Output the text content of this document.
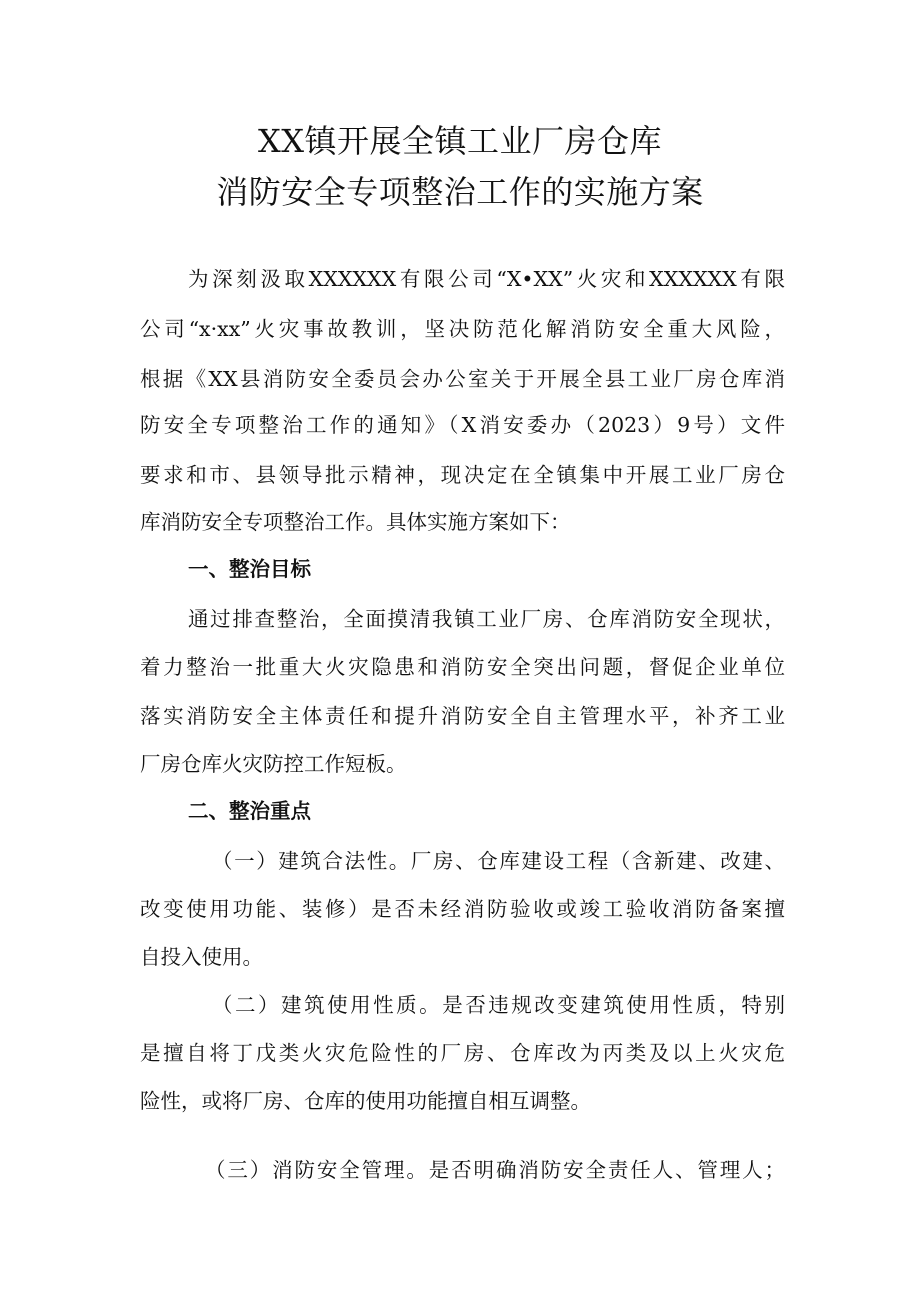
XX镇开展全镇工业厂房仓库
消防安全专项整治工作的实施方案
为深刻汲取XXXXXX有限公司“X•XX”火灾和XXXXXX有限
公司“x·xx”火灾事故教训，坚决防范化解消防安全重大风险，
根据《XX县消防安全委员会办公室关于开展全县工业厂房仓库消
防安全专项整治工作的通知》（X消安委办（2023）9号）文件
要求和市、县领导批示精神，现决定在全镇集中开展工业厂房仓
库消防安全专项整治工作。具体实施方案如下：
一、整治目标
通过排查整治，全面摸清我镇工业厂房、仓库消防安全现状，
着力整治一批重大火灾隐患和消防安全突出问题，督促企业单位
落实消防安全主体责任和提升消防安全自主管理水平，补齐工业
厂房仓库火灾防控工作短板。
二、整治重点
（一）建筑合法性。厂房、仓库建设工程（含新建、改建、
改变使用功能、装修）是否未经消防验收或竣工验收消防备案擅
自投入使用。
（二）建筑使用性质。是否违规改变建筑使用性质，特别
是擅自将丁戊类火灾危险性的厂房、仓库改为丙类及以上火灾危
险性，或将厂房、仓库的使用功能擅自相互调整。
（三）消防安全管理。是否明确消防安全责任人、管理人；
